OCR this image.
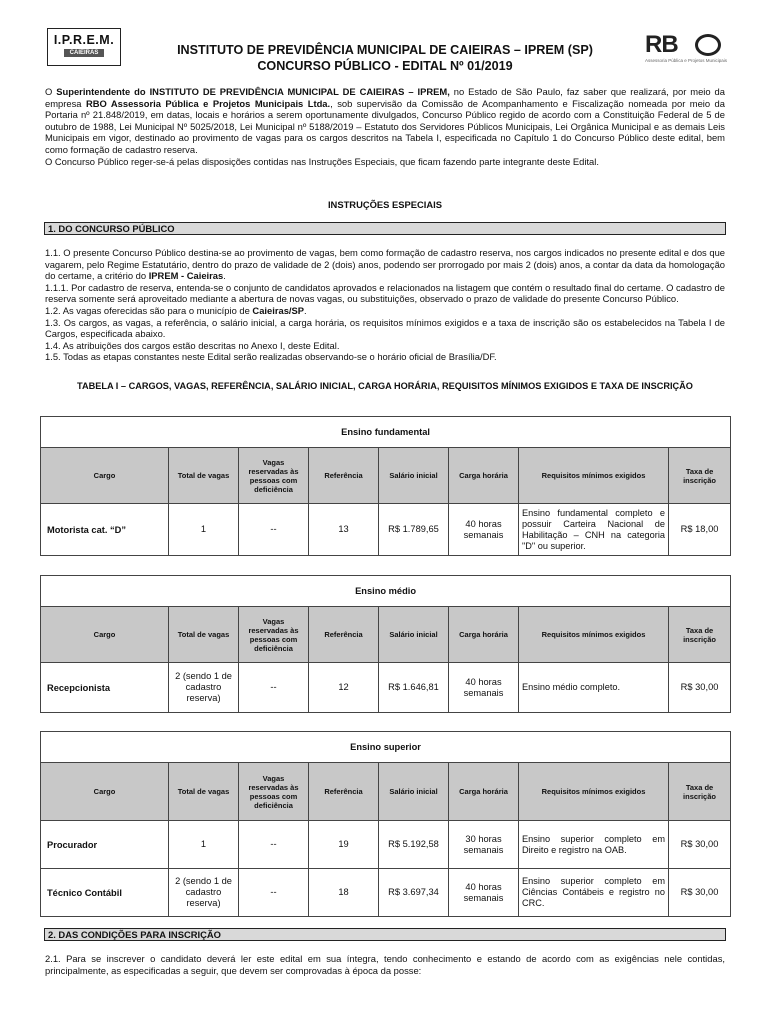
I.P.R.E.M.
CAIEIRAS	INSTITUTO DE PREVIDÊNCIA MUNICIPAL DE CAIEIRAS – IPREM (SP)
CONCURSO PÚBLICO - EDITAL Nº 01/2019
RB
Assessoria Pública e Projetos Municipais

O Superintendente do INSTITUTO DE PREVIDÊNCIA MUNICIPAL DE CAIEIRAS – IPREM, no Estado de São Paulo, faz saber que realizará, por meio da empresa RBO Assessoria Pública e Projetos Municipais Ltda., sob supervisão da Comissão de Acompanhamento e Fiscalização nomeada por meio da Portaria nº 21.848/2019, em datas, locais e horários a serem oportunamente divulgados, Concurso Público regido de acordo com a Constituição Federal de 5 de outubro de 1988, Lei Municipal Nº 5025/2018, Lei Municipal nº 5188/2019 – Estatuto dos Servidores Públicos Municipais, Lei Orgânica Municipal e as demais Leis Municipais em vigor, destinado ao provimento de vagas para os cargos descritos na Tabela I, especificada no Capítulo 1 do Concurso Público deste edital, bem como formação de cadastro reserva.

O Concurso Público reger-se-á pelas disposições contidas nas Instruções Especiais, que ficam fazendo parte integrante deste Edital.

INSTRUÇÕES ESPECIAIS
1. DO CONCURSO PÚBLICO

1.1. O presente Concurso Público destina-se ao provimento de vagas, bem como formação de cadastro reserva, nos cargos indicados no presente edital e dos que vagarem, pelo Regime Estatutário, dentro do prazo de validade de 2 (dois) anos, podendo ser prorrogado por mais 2 (dois) anos, a contar da data da homologação do certame, a critério do IPREM - Caieiras.

1.1.1. Por cadastro de reserva, entenda-se o conjunto de candidatos aprovados e relacionados na listagem que contém o resultado final do certame. O cadastro de reserva somente será aproveitado mediante a abertura de novas vagas, ou substituições, observado o prazo de validade do presente Concurso Público.

1.2. As vagas oferecidas são para o município de Caieiras/SP.

1.3. Os cargos, as vagas, a referência, o salário inicial, a carga horária, os requisitos mínimos exigidos e a taxa de inscrição são os estabelecidos na Tabela I de Cargos, especificada abaixo.

1.4. As atribuições dos cargos estão descritas no Anexo I, deste Edital.

1.5. Todas as etapas constantes neste Edital serão realizadas observando-se o horário oficial de Brasília/DF.

TABELA I – CARGOS, VAGAS, REFERÊNCIA, SALÁRIO INICIAL, CARGA HORÁRIA, REQUISITOS MÍNIMOS EXIGIDOS E TAXA DE INSCRIÇÃO
Ensino fundamental							
Cargo	Total de vagas	Vagas reservadas às pessoas com deficiência	Referência	Salário inicial	Carga horária	Requisitos mínimos exigidos	Taxa de inscrição
Motorista cat. “D”	1	--	13	R$ 1.789,65	40 horas semanais	Ensino fundamental completo e possuir Carteira Nacional de Habilitação – CNH na categoria "D" ou superior.	R$ 18,00
Ensino médio							
Cargo	Total de vagas	Vagas reservadas às pessoas com deficiência	Referência	Salário inicial	Carga horária	Requisitos mínimos exigidos	Taxa de inscrição
Recepcionista	2 (sendo 1 de cadastro reserva)	--	12	R$ 1.646,81	40 horas semanais	Ensino médio completo.	R$ 30,00
Ensino superior							
Cargo	Total de vagas	Vagas reservadas às pessoas com deficiência	Referência	Salário inicial	Carga horária	Requisitos mínimos exigidos	Taxa de inscrição
Procurador	1	--	19	R$ 5.192,58	30 horas semanais	Ensino superior completo em Direito e registro na OAB.	R$ 30,00
Técnico Contábil	2 (sendo 1 de cadastro reserva)	--	18	R$ 3.697,34	40 horas semanais	Ensino superior completo em Ciências Contábeis e registro no CRC.	R$ 30,00
2. DAS CONDIÇÕES PARA INSCRIÇÃO

2.1. Para se inscrever o candidato deverá ler este edital em sua íntegra, tendo conhecimento e estando de acordo com as exigências nele contidas, principalmente, as especificadas a seguir, que devem ser comprovadas à época da posse:
